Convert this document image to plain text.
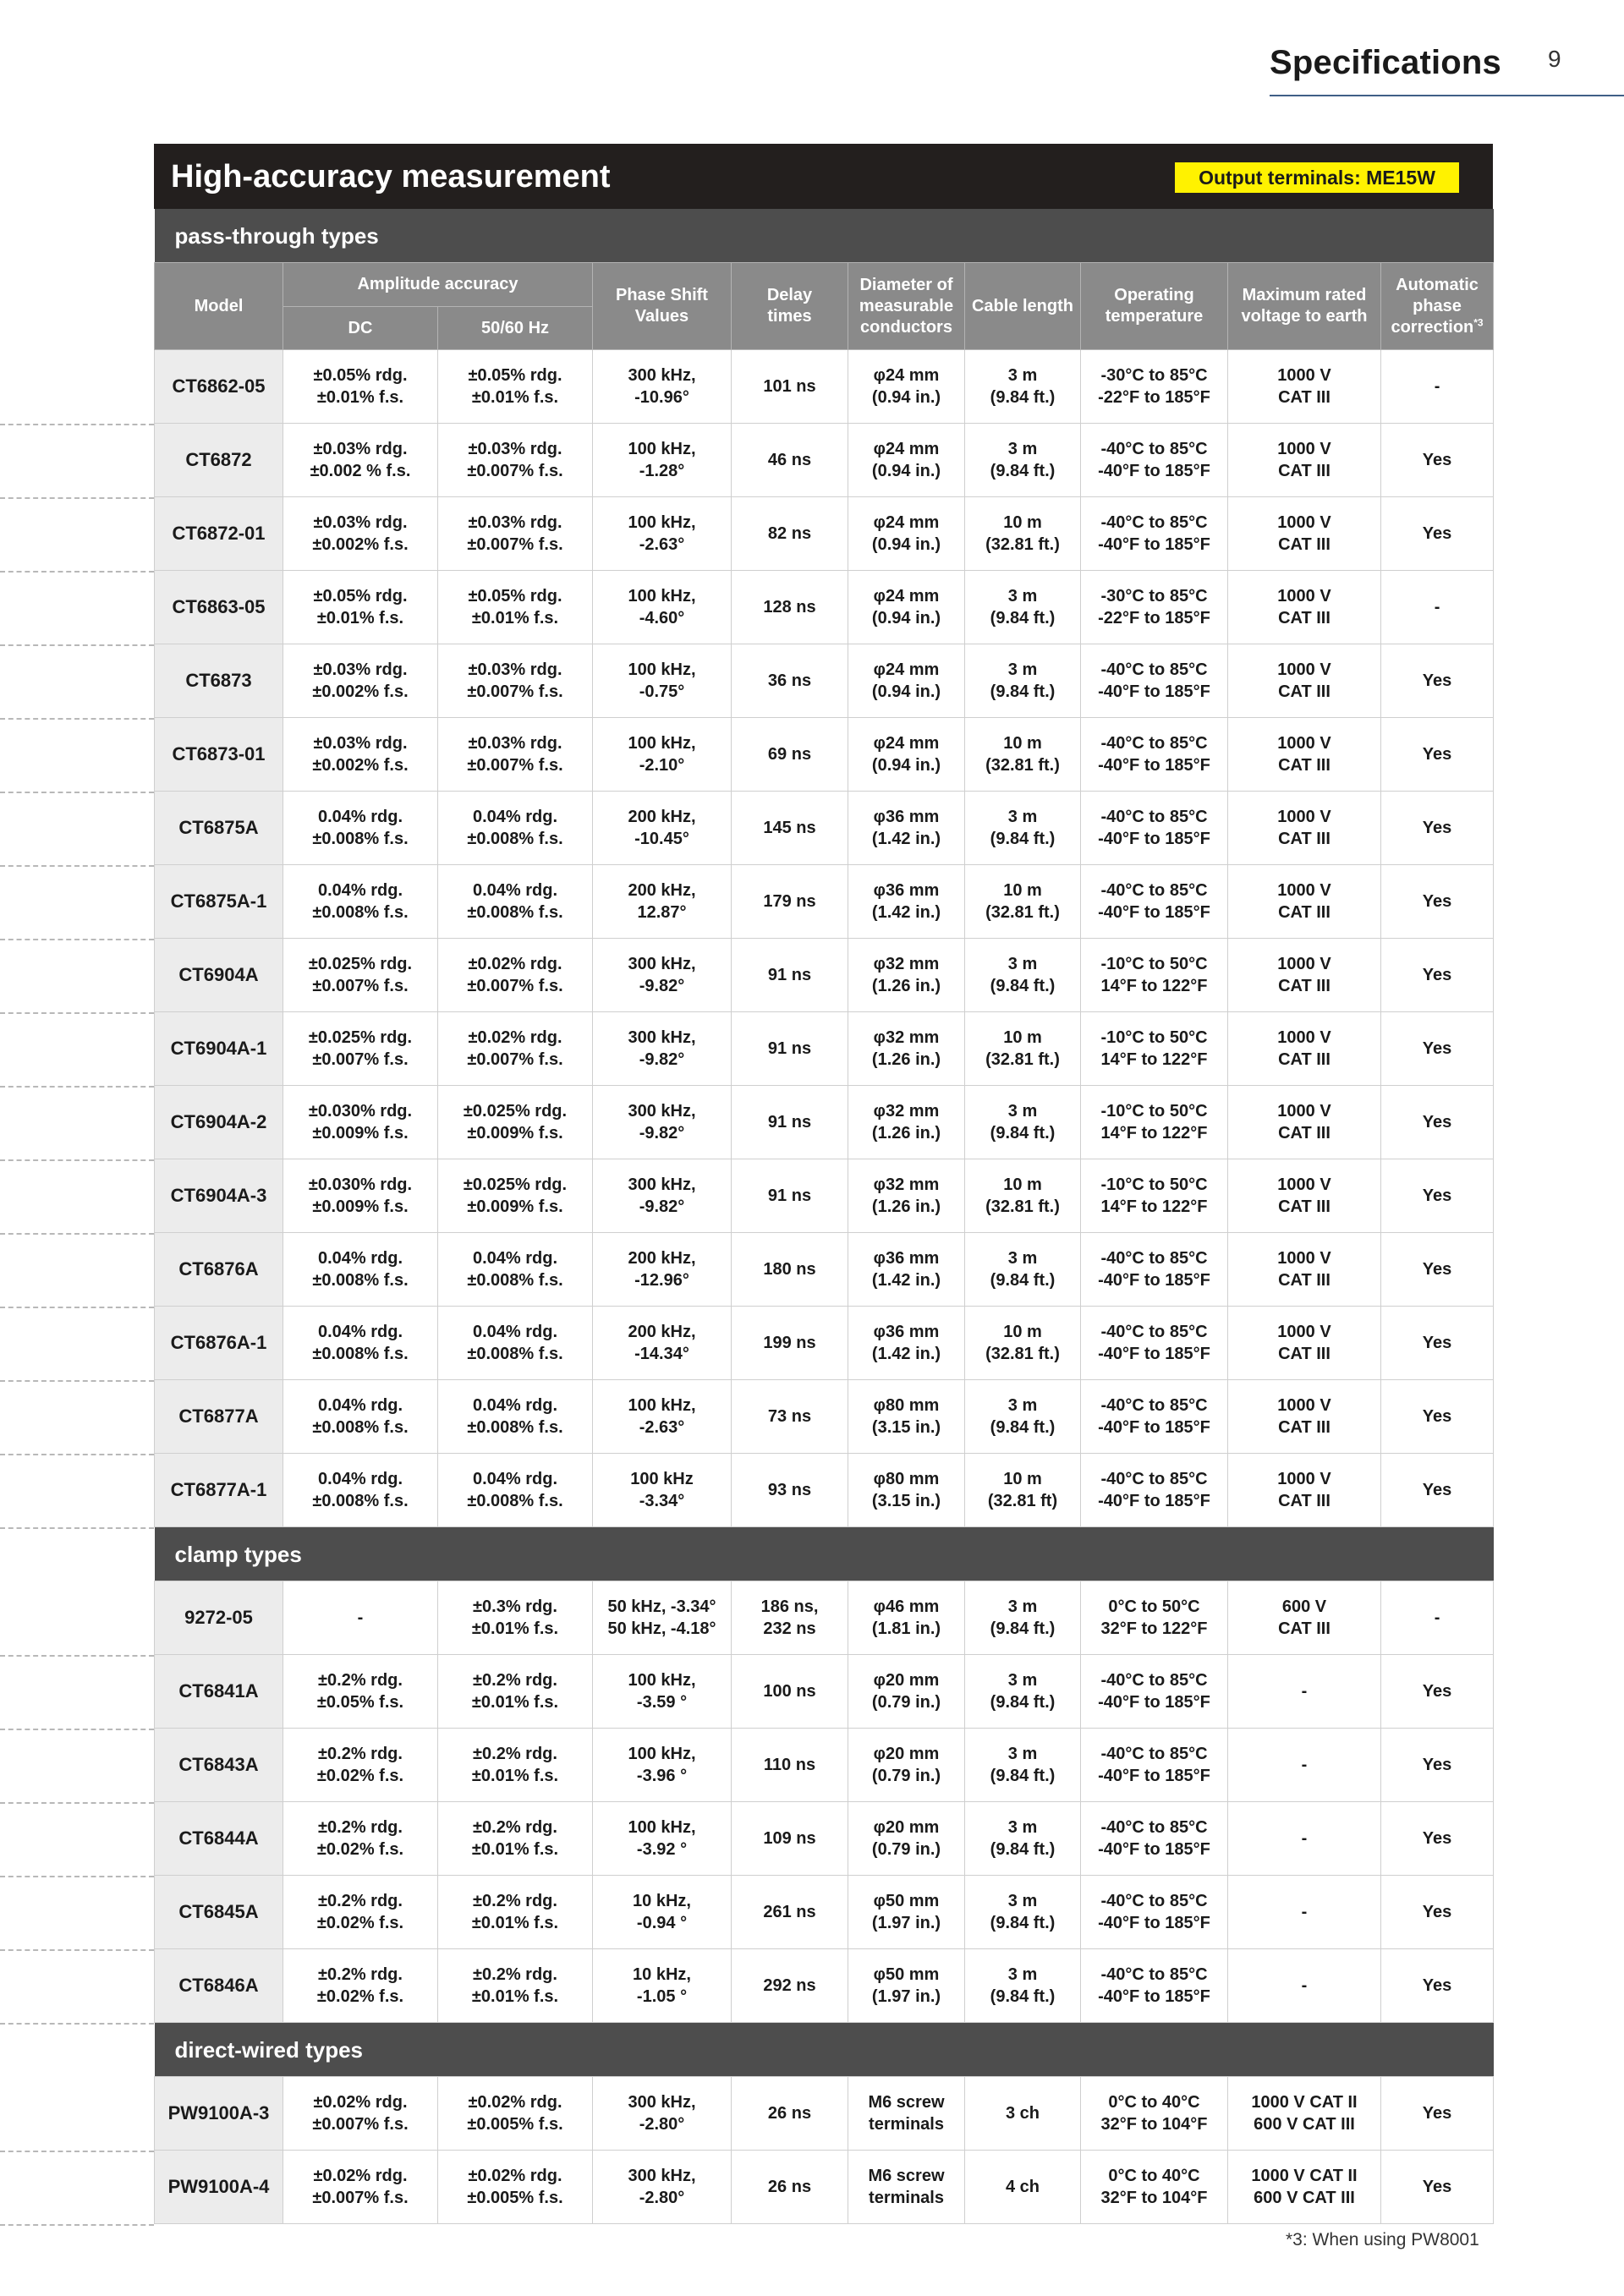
Specifications 9
High-accuracy measurement	Output terminals: ME15W
pass-through types									
Model	Amplitude accuracy		Phase Shift
Values	Delay
times	Diameter of
measurable
conductors	Cable length	Operating
temperature	Maximum rated
voltage to earth	Automatic
phase
correction$^{*3}$
	DC	50/60 Hz							
CT6862-05	±0.05% rdg.
±0.01% f.s.	±0.05% rdg.
±0.01% f.s.	300 kHz,
-10.96°	101 ns	φ24 mm
(0.94 in.)	3 m
(9.84 ft.)	-30°C to 85°C
-22°F to 185°F	1000 V
CAT III	-
CT6872	±0.03% rdg.
±0.002 % f.s.	±0.03% rdg.
±0.007% f.s.	100 kHz,
-1.28°	46 ns	φ24 mm
(0.94 in.)	3 m
(9.84 ft.)	-40°C to 85°C
-40°F to 185°F	1000 V
CAT III	Yes
CT6872-01	±0.03% rdg.
±0.002% f.s.	±0.03% rdg.
±0.007% f.s.	100 kHz,
-2.63°	82 ns	φ24 mm
(0.94 in.)	10 m
(32.81 ft.)	-40°C to 85°C
-40°F to 185°F	1000 V
CAT III	Yes
CT6863-05	±0.05% rdg.
±0.01% f.s.	±0.05% rdg.
±0.01% f.s.	100 kHz,
-4.60°	128 ns	φ24 mm
(0.94 in.)	3 m
(9.84 ft.)	-30°C to 85°C
-22°F to 185°F	1000 V
CAT III	-
CT6873	±0.03% rdg.
±0.002% f.s.	±0.03% rdg.
±0.007% f.s.	100 kHz,
-0.75°	36 ns	φ24 mm
(0.94 in.)	3 m
(9.84 ft.)	-40°C to 85°C
-40°F to 185°F	1000 V
CAT III	Yes
CT6873-01	±0.03% rdg.
±0.002% f.s.	±0.03% rdg.
±0.007% f.s.	100 kHz,
-2.10°	69 ns	φ24 mm
(0.94 in.)	10 m
(32.81 ft.)	-40°C to 85°C
-40°F to 185°F	1000 V
CAT III	Yes
CT6875A	0.04% rdg.
±0.008% f.s.	0.04% rdg.
±0.008% f.s.	200 kHz,
-10.45°	145 ns	φ36 mm
(1.42 in.)	3 m
(9.84 ft.)	-40°C to 85°C
-40°F to 185°F	1000 V
CAT III	Yes
CT6875A-1	0.04% rdg.
±0.008% f.s.	0.04% rdg.
±0.008% f.s.	200 kHz,
12.87°	179 ns	φ36 mm
(1.42 in.)	10 m
(32.81 ft.)	-40°C to 85°C
-40°F to 185°F	1000 V
CAT III	Yes
CT6904A	±0.025% rdg.
±0.007% f.s.	±0.02% rdg.
±0.007% f.s.	300 kHz,
-9.82°	91 ns	φ32 mm
(1.26 in.)	3 m
(9.84 ft.)	-10°C to 50°C
14°F to 122°F	1000 V
CAT III	Yes
CT6904A-1	±0.025% rdg.
±0.007% f.s.	±0.02% rdg.
±0.007% f.s.	300 kHz,
-9.82°	91 ns	φ32 mm
(1.26 in.)	10 m
(32.81 ft.)	-10°C to 50°C
14°F to 122°F	1000 V
CAT III	Yes
CT6904A-2	±0.030% rdg.
±0.009% f.s.	±0.025% rdg.
±0.009% f.s.	300 kHz,
-9.82°	91 ns	φ32 mm
(1.26 in.)	3 m
(9.84 ft.)	-10°C to 50°C
14°F to 122°F	1000 V
CAT III	Yes
CT6904A-3	±0.030% rdg.
±0.009% f.s.	±0.025% rdg.
±0.009% f.s.	300 kHz,
-9.82°	91 ns	φ32 mm
(1.26 in.)	10 m
(32.81 ft.)	-10°C to 50°C
14°F to 122°F	1000 V
CAT III	Yes
CT6876A	0.04% rdg.
±0.008% f.s.	0.04% rdg.
±0.008% f.s.	200 kHz,
-12.96°	180 ns	φ36 mm
(1.42 in.)	3 m
(9.84 ft.)	-40°C to 85°C
-40°F to 185°F	1000 V
CAT III	Yes
CT6876A-1	0.04% rdg.
±0.008% f.s.	0.04% rdg.
±0.008% f.s.	200 kHz,
-14.34°	199 ns	φ36 mm
(1.42 in.)	10 m
(32.81 ft.)	-40°C to 85°C
-40°F to 185°F	1000 V
CAT III	Yes
CT6877A	0.04% rdg.
±0.008% f.s.	0.04% rdg.
±0.008% f.s.	100 kHz,
-2.63°	73 ns	φ80 mm
(3.15 in.)	3 m
(9.84 ft.)	-40°C to 85°C
-40°F to 185°F	1000 V
CAT III	Yes
CT6877A-1	0.04% rdg.
±0.008% f.s.	0.04% rdg.
±0.008% f.s.	100 kHz
-3.34°	93 ns	φ80 mm
(3.15 in.)	10 m
(32.81 ft)	-40°C to 85°C
-40°F to 185°F	1000 V
CAT III	Yes
clamp types									
9272-05	-	±0.3% rdg.
±0.01% f.s.	50 kHz, -3.34°
50 kHz, -4.18°	186 ns,
232 ns	φ46 mm
(1.81 in.)	3 m
(9.84 ft.)	0°C to 50°C
32°F to 122°F	600 V
CAT III	-
CT6841A	±0.2% rdg.
±0.05% f.s.	±0.2% rdg.
±0.01% f.s.	100 kHz,
-3.59 °	100 ns	φ20 mm
(0.79 in.)	3 m
(9.84 ft.)	-40°C to 85°C
-40°F to 185°F	-	Yes
CT6843A	±0.2% rdg.
±0.02% f.s.	±0.2% rdg.
±0.01% f.s.	100 kHz,
-3.96 °	110 ns	φ20 mm
(0.79 in.)	3 m
(9.84 ft.)	-40°C to 85°C
-40°F to 185°F	-	Yes
CT6844A	±0.2% rdg.
±0.02% f.s.	±0.2% rdg.
±0.01% f.s.	100 kHz,
-3.92 °	109 ns	φ20 mm
(0.79 in.)	3 m
(9.84 ft.)	-40°C to 85°C
-40°F to 185°F	-	Yes
CT6845A	±0.2% rdg.
±0.02% f.s.	±0.2% rdg.
±0.01% f.s.	10 kHz,
-0.94 °	261 ns	φ50 mm
(1.97 in.)	3 m
(9.84 ft.)	-40°C to 85°C
-40°F to 185°F	-	Yes
CT6846A	±0.2% rdg.
±0.02% f.s.	±0.2% rdg.
±0.01% f.s.	10 kHz,
-1.05 °	292 ns	φ50 mm
(1.97 in.)	3 m
(9.84 ft.)	-40°C to 85°C
-40°F to 185°F	-	Yes
direct-wired types									
PW9100A-3	±0.02% rdg.
±0.007% f.s.	±0.02% rdg.
±0.005% f.s.	300 kHz,
-2.80°	26 ns	M6 screw
terminals	3 ch	0°C to 40°C
32°F to 104°F	1000 V CAT II
600 V CAT III	Yes
PW9100A-4	±0.02% rdg.
±0.007% f.s.	±0.02% rdg.
±0.005% f.s.	300 kHz,
-2.80°	26 ns	M6 screw
terminals	4 ch	0°C to 40°C
32°F to 104°F	1000 V CAT II
600 V CAT III	Yes
*3: When using PW8001
